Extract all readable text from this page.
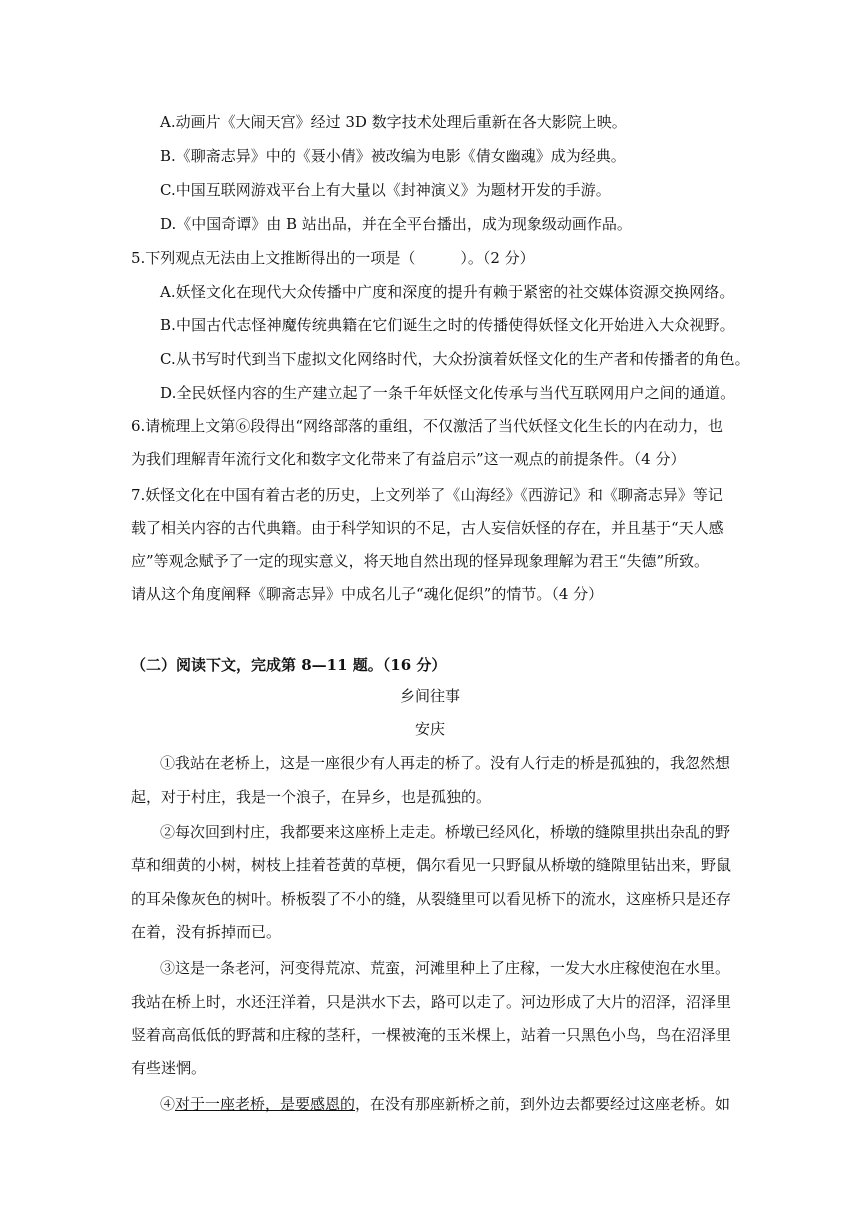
A.动画片《大闹天宫》经过 3D 数字技术处理后重新在各大影院上映。
B.《聊斋志异》中的《聂小倩》被改编为电影《倩女幽魂》成为经典。
C.中国互联网游戏平台上有大量以《封神演义》为题材开发的手游。
D.《中国奇谭》由 B 站出品，并在全平台播出，成为现象级动画作品。
5.下列观点无法由上文推断得出的一项是（　　　）。（2 分）
A.妖怪文化在现代大众传播中广度和深度的提升有赖于紧密的社交媒体资源交换网络。
B.中国古代志怪神魔传统典籍在它们诞生之时的传播使得妖怪文化开始进入大众视野。
C.从书写时代到当下虚拟文化网络时代，大众扮演着妖怪文化的生产者和传播者的角色。
D.全民妖怪内容的生产建立起了一条千年妖怪文化传承与当代互联网用户之间的通道。
6.请梳理上文第⑥段得出“网络部落的重组，不仅激活了当代妖怪文化生长的内在动力，也
为我们理解青年流行文化和数字文化带来了有益启示”这一观点的前提条件。（4 分）
7.妖怪文化在中国有着古老的历史，上文列举了《山海经》《西游记》和《聊斋志异》等记
载了相关内容的古代典籍。由于科学知识的不足，古人妄信妖怪的存在，并且基于“天人感
应”等观念赋予了一定的现实意义，将天地自然出现的怪异现象理解为君王“失德”所致。
请从这个角度阐释《聊斋志异》中成名儿子“魂化促织”的情节。（4 分）
（二）阅读下文，完成第 8—11 题。（16 分）
乡间往事
安庆
①我站在老桥上，这是一座很少有人再走的桥了。没有人行走的桥是孤独的，我忽然想
起，对于村庄，我是一个浪子，在异乡，也是孤独的。
②每次回到村庄，我都要来这座桥上走走。桥墩已经风化，桥墩的缝隙里拱出杂乱的野
草和细黄的小树，树枝上挂着苍黄的草梗，偶尔看见一只野鼠从桥墩的缝隙里钻出来，野鼠
的耳朵像灰色的树叶。桥板裂了不小的缝，从裂缝里可以看见桥下的流水，这座桥只是还存
在着，没有拆掉而已。
③这是一条老河，河变得荒凉、荒蛮，河滩里种上了庄稼，一发大水庄稼使泡在水里。
我站在桥上时，水还汪洋着，只是洪水下去，路可以走了。河边形成了大片的沼泽，沼泽里
竖着高高低低的野蒿和庄稼的茎秆，一棵被淹的玉米棵上，站着一只黑色小鸟，鸟在沼泽里
有些迷惘。
④对于一座老桥，是要感恩的，在没有那座新桥之前，到外边去都要经过这座老桥。如
